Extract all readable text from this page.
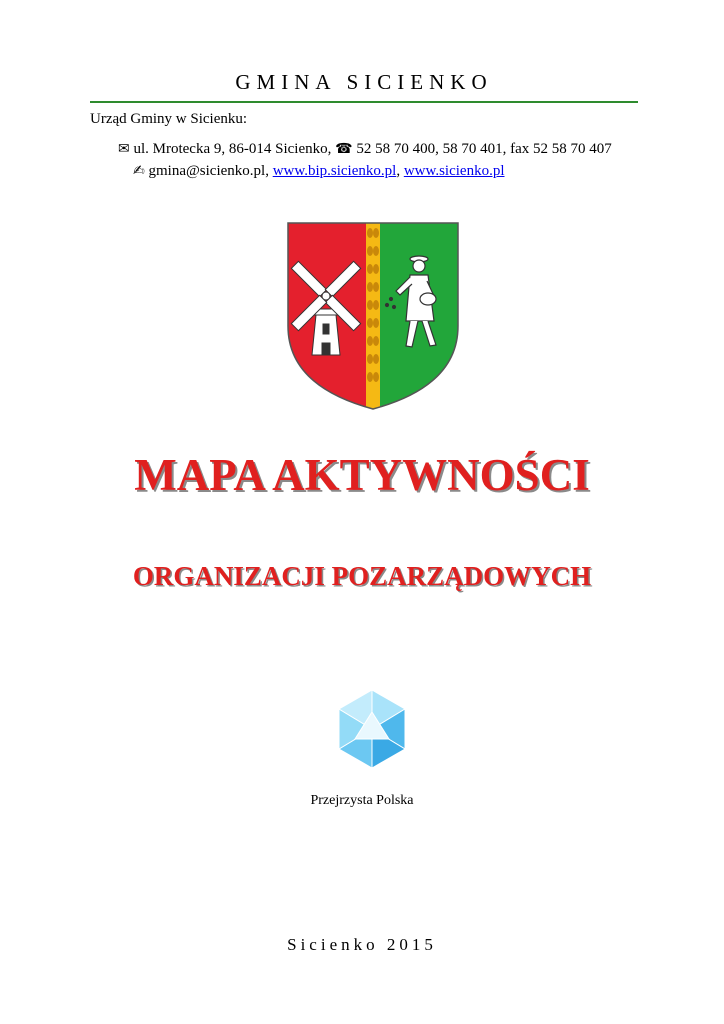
GMINA SICIENKO
Urząd Gminy w Sicienku:
✉ ul. Mrotecka 9, 86-014 Sicienko, ☎ 52 58 70 400, 58 70 401, fax 52 58 70 407
✍ gmina@sicienko.pl, www.bip.sicienko.pl, www.sicienko.pl
MAPA AKTYWNOŚCI
ORGANIZACJI POZARZĄDOWYCH
Przejrzysta Polska
Sicienko 2015
